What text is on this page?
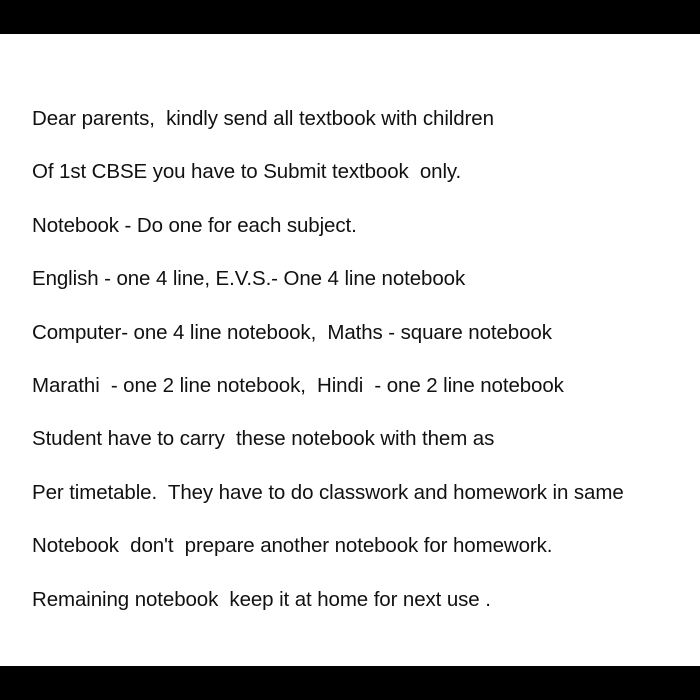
Dear parents,  kindly send all textbook with children
Of 1st CBSE you have to Submit textbook  only.
Notebook - Do one for each subject.
English - one 4 line, E.V.S.- One 4 line notebook
Computer- one 4 line notebook,  Maths - square notebook
Marathi  - one 2 line notebook,  Hindi  - one 2 line notebook
Student have to carry  these notebook with them as
Per timetable.  They have to do classwork and homework in same
Notebook  don't  prepare another notebook for homework.
Remaining notebook  keep it at home for next use .
